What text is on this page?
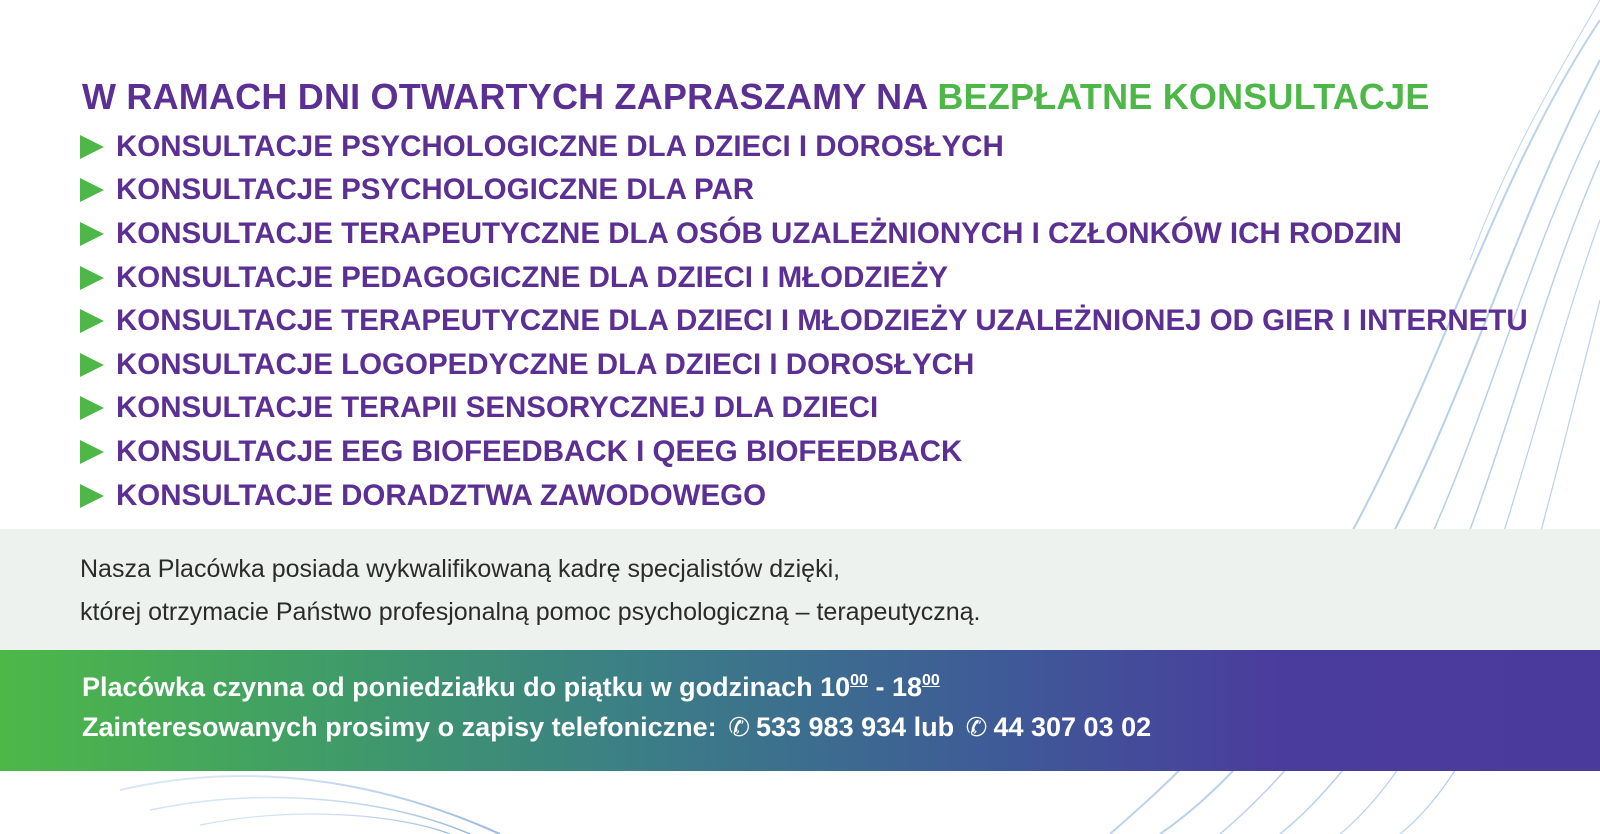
W RAMACH DNI OTWARTYCH ZAPRASZAMY NA BEZPŁATNE KONSULTACJE
KONSULTACJE PSYCHOLOGICZNE DLA DZIECI I DOROSŁYCH
KONSULTACJE PSYCHOLOGICZNE DLA PAR
KONSULTACJE TERAPEUTYCZNE DLA OSÓB UZALEŻNIONYCH I CZŁONKÓW ICH RODZIN
KONSULTACJE PEDAGOGICZNE DLA DZIECI I MŁODZIEŻY
KONSULTACJE TERAPEUTYCZNE DLA DZIECI I MŁODZIEŻY UZALEŻNIONEJ OD GIER I INTERNETU
KONSULTACJE LOGOPEDYCZNE DLA DZIECI I DOROSŁYCH
KONSULTACJE TERAPII SENSORYCZNEJ DLA DZIECI
KONSULTACJE EEG BIOFEEDBACK I QEEG BIOFEEDBACK
KONSULTACJE DORADZTWA ZAWODOWEGO
Nasza Placówka posiada wykwalifikowaną kadrę specjalistów dzięki,
której otrzymacie Państwo profesjonalną pomoc psychologiczną – terapeutyczną.
Placówka czynna od poniedziałku do piątku w godzinach $10^{00} - 18^{00}$
Zainteresowanych prosimy o zapisy telefoniczne: ✆ 533 983 934 lub ✆ 44 307 03 02
